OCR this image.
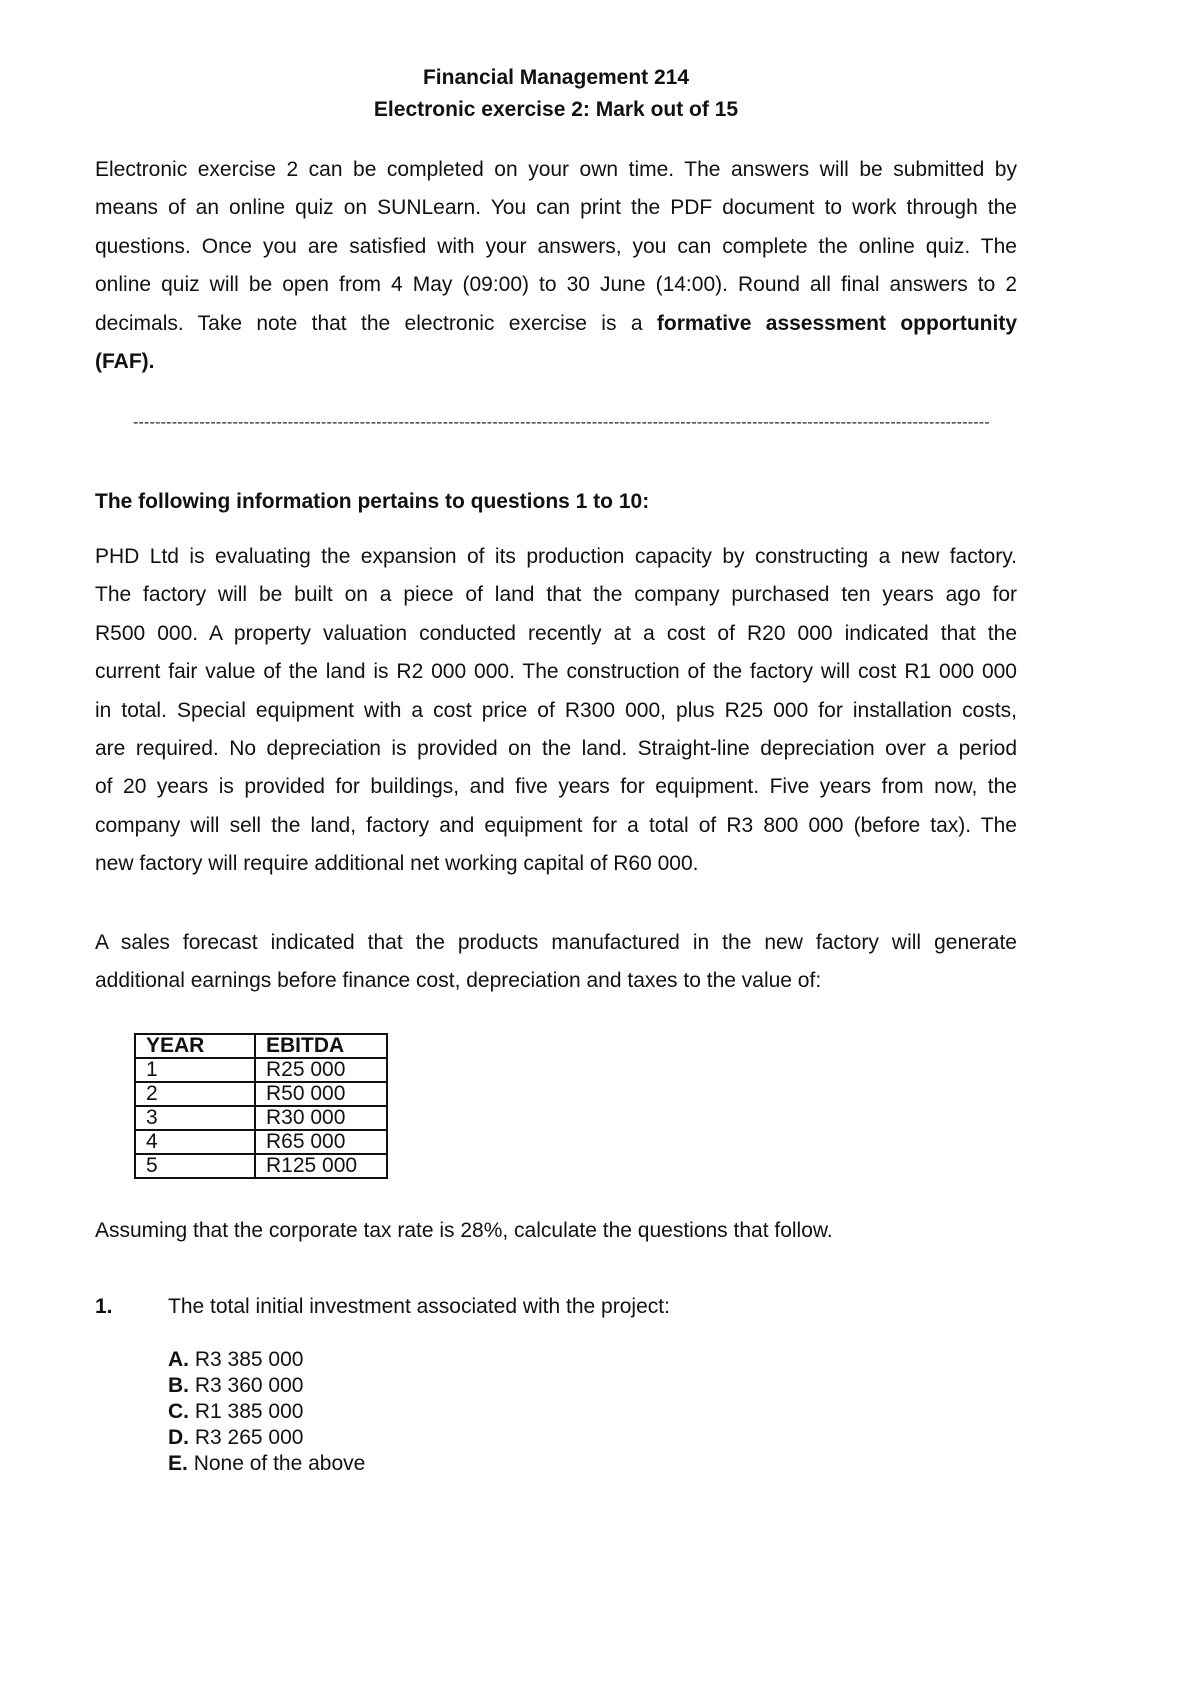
Financial Management 214
Electronic exercise 2: Mark out of 15
Electronic exercise 2 can be completed on your own time. The answers will be submitted by
means of an online quiz on SUNLearn. You can print the PDF document to work through the
questions. Once you are satisfied with your answers, you can complete the online quiz. The
online quiz will be open from 4 May (09:00) to 30 June (14:00). Round all final answers to 2
decimals. Take note that the electronic exercise is a formative assessment opportunity
(FAF).
-----------------------------------------------------------------------------------------------------------------------------------------------------------
The following information pertains to questions 1 to 10:
PHD Ltd is evaluating the expansion of its production capacity by constructing a new factory.
The factory will be built on a piece of land that the company purchased ten years ago for
R500 000. A property valuation conducted recently at a cost of R20 000 indicated that the
current fair value of the land is R2 000 000. The construction of the factory will cost R1 000 000
in total. Special equipment with a cost price of R300 000, plus R25 000 for installation costs,
are required. No depreciation is provided on the land. Straight-line depreciation over a period
of 20 years is provided for buildings, and five years for equipment. Five years from now, the
company will sell the land, factory and equipment for a total of R3 800 000 (before tax). The
new factory will require additional net working capital of R60 000.
A sales forecast indicated that the products manufactured in the new factory will generate
additional earnings before finance cost, depreciation and taxes to the value of:
YEAR	EBITDA
1	R25 000
2	R50 000
3	R30 000
4	R65 000
5	R125 000
Assuming that the corporate tax rate is 28%, calculate the questions that follow.
1.	The total initial investment associated with the project:
A. R3 385 000
B. R3 360 000
C. R1 385 000
D. R3 265 000
E. None of the above
